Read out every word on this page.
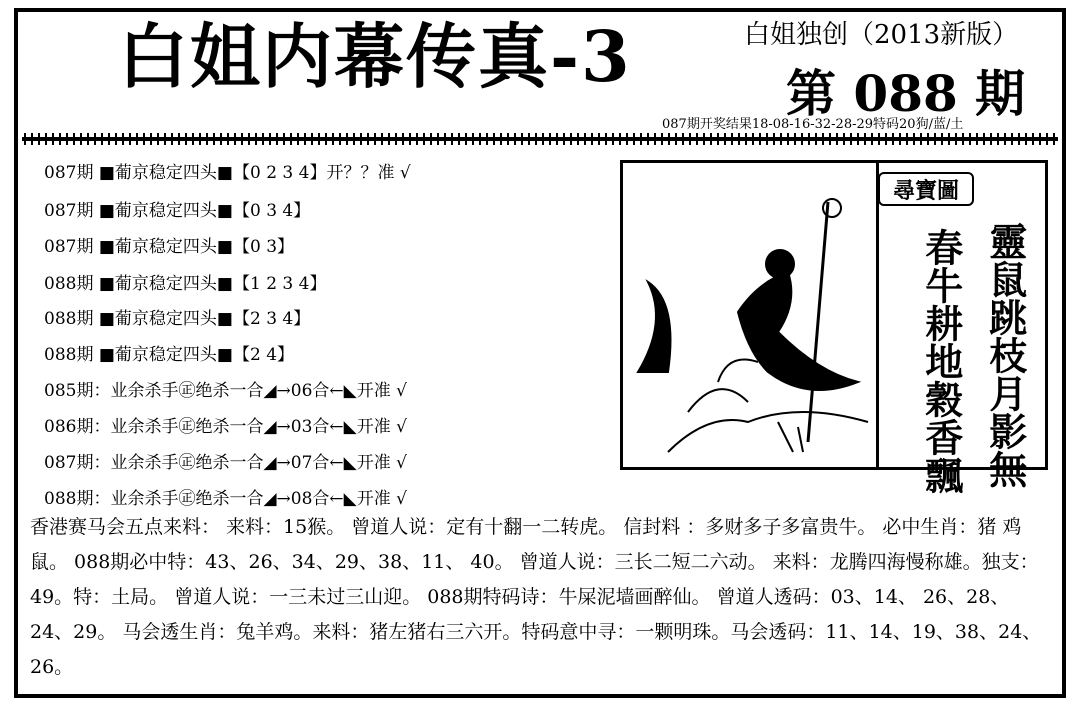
白姐内幕传真-3	白姐独创（2013新版）
第 088 期
087期开奖结果18-08-16-32-28-29特码20狗/蓝/土
087期 ■葡京稳定四头■【0 2 3 4】开？？准 √
087期 ■葡京稳定四头■【0 3 4】
087期 ■葡京稳定四头■【0 3】
088期 ■葡京稳定四头■【1 2 3 4】
088期 ■葡京稳定四头■【2 3 4】
088期 ■葡京稳定四头■【2 4】
085期：业余杀手㊣绝杀一合◢→06合←◣开准 √
086期：业余杀手㊣绝杀一合◢→03合←◣开准 √
087期：业余杀手㊣绝杀一合◢→07合←◣开准 √
088期：业余杀手㊣绝杀一合◢→08合←◣开准 √
尋寶圖
靈鼠跳枝月影無
春牛耕地穀香飄
香港赛马会五点来料： 来料：15猴。 曾道人说：定有十翻一二转虎。 信封料 ：多财多子多富贵牛。 必中生肖：猪 鸡 鼠。 088期必中特：43、26、34、29、38、11、 40。 曾道人说：三长二短二六动。 来料：龙腾四海慢称雄。独支：49。特：土局。 曾道人说：一三未过三山迎。 088期特码诗：牛屎泥墙画醉仙。 曾道人透码：03、14、 26、28、24、29。 马会透生肖：兔羊鸡。来料：猪左猪右三六开。特码意中寻：一颗明珠。马会透码：11、14、19、38、24、26。
